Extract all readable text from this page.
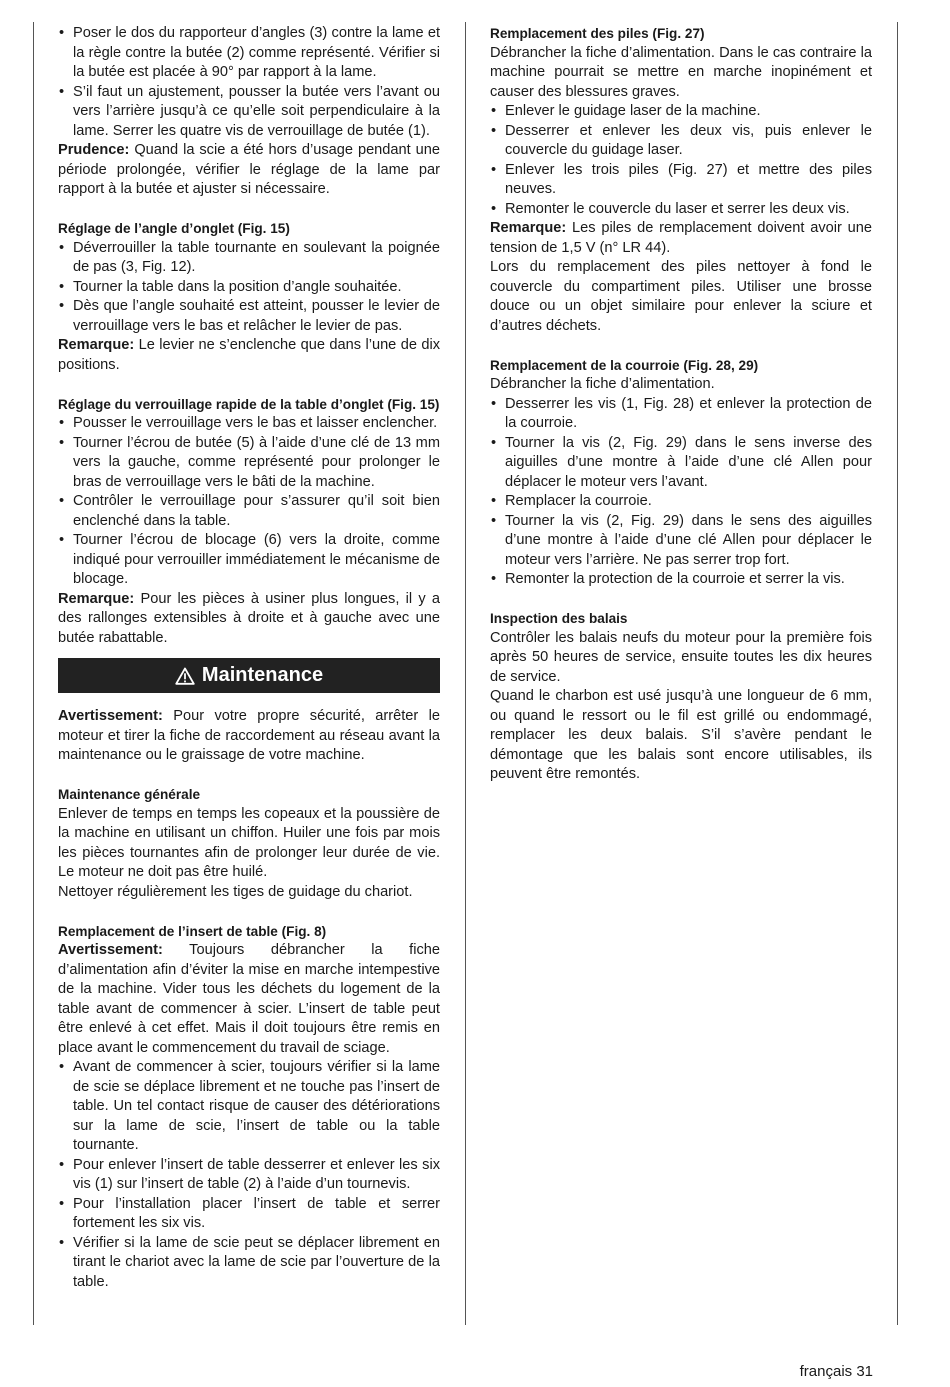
• Poser le dos du rapporteur d’angles (3) contre la lame et la règle contre la butée (2) comme représenté. Vérifier si la butée est placée à 90° par rapport à la lame.
• S’il faut un ajustement, pousser la butée vers l’avant ou vers l’arrière jusqu’à ce qu’elle soit perpendiculaire à la lame. Serrer les quatre vis de verrouillage de butée (1).

Prudence: Quand la scie a été hors d’usage pendant une période prolongée, vérifier le réglage de la lame par rapport à la butée et ajuster si nécessaire.

Réglage de l’angle d’onglet (Fig. 15)
• Déverrouiller la table tournante en soulevant la poignée de pas (3, Fig. 12).
• Tourner la table dans la position d’angle souhaitée.
• Dès que l’angle souhaité est atteint, pousser le levier de verrouillage vers le bas et relâcher le levier de pas.

Remarque: Le levier ne s’enclenche que dans l’une de dix positions.

Réglage du verrouillage rapide de la table d’onglet (Fig. 15)
• Pousser le verrouillage vers le bas et laisser enclencher.
• Tourner l’écrou de butée (5) à l’aide d’une clé de 13 mm vers la gauche, comme représenté pour prolonger le bras de verrouillage vers le bâti de la machine.
• Contrôler le verrouillage pour s’assurer qu’il soit bien enclenché dans la table.
• Tourner l’écrou de blocage (6) vers la droite, comme indiqué pour verrouiller immédiatement le mécanisme de blocage.

Remarque: Pour les pièces à usiner plus longues, il y a des rallonges extensibles à droite et à gauche avec une butée rabattable.

Maintenance

Avertissement: Pour votre propre sécurité, arrêter le moteur et tirer la fiche de raccordement au réseau avant la maintenance ou le graissage de votre machine.

Maintenance générale

Enlever de temps en temps les copeaux et la poussière de la machine en utilisant un chiffon. Huiler une fois par mois les pièces tournantes afin de prolonger leur durée de vie. Le moteur ne doit pas être huilé.

Nettoyer régulièrement les tiges de guidage du chariot.

Remplacement de l’insert de table (Fig. 8)

Avertissement: Toujours débrancher la fiche d’alimentation afin d’éviter la mise en marche intempestive de la machine. Vider tous les déchets du logement de la table avant de commencer à scier. L’insert de table peut être enlevé à cet effet. Mais il doit toujours être remis en place avant le commencement du travail de sciage.

• Avant de commencer à scier, toujours vérifier si la lame de scie se déplace librement et ne touche pas l’insert de table. Un tel contact risque de causer des détériorations sur la lame de scie, l’insert de table ou la table tournante.
• Pour enlever l’insert de table desserrer et enlever les six vis (1) sur l’insert de table (2) à l’aide d’un tournevis.
• Pour l’installation placer l’insert de table et serrer fortement les six vis.
• Vérifier si la lame de scie peut se déplacer librement en tirant le chariot avec la lame de scie par l’ouverture de la table.
Remplacement des piles (Fig. 27)

Débrancher la fiche d’alimentation. Dans le cas contraire la machine pourrait se mettre en marche inopinément et causer des blessures graves.

• Enlever le guidage laser de la machine.
• Desserrer et enlever les deux vis, puis enlever le couvercle du guidage laser.
• Enlever les trois piles (Fig. 27) et mettre des piles neuves.
• Remonter le couvercle du laser et serrer les deux vis.

Remarque: Les piles de remplacement doivent avoir une tension de 1,5 V (n° LR 44).

Lors du remplacement des piles nettoyer à fond le couvercle du compartiment piles. Utiliser une brosse douce ou un objet similaire pour enlever la sciure et d’autres déchets.

Remplacement de la courroie (Fig. 28, 29)

Débrancher la fiche d’alimentation.

• Desserrer les vis (1, Fig. 28) et enlever la protection de la courroie.
• Tourner la vis (2, Fig. 29) dans le sens inverse des aiguilles d’une montre à l’aide d’une clé Allen pour déplacer le moteur vers l’avant.
• Remplacer la courroie.
• Tourner la vis (2, Fig. 29) dans le sens des aiguilles d’une montre à l’aide d’une clé Allen pour déplacer le moteur vers l’arrière. Ne pas serrer trop fort.
• Remonter la protection de la courroie et serrer la vis.
Inspection des balais

Contrôler les balais neufs du moteur pour la première fois après 50 heures de service, ensuite toutes les dix heures de service.

Quand le charbon est usé jusqu’à une longueur de 6 mm, ou quand le ressort ou le fil est grillé ou endommagé, remplacer les deux balais. S’il s’avère pendant le démontage que les balais sont encore utilisables, ils peuvent être remontés.

français 31
